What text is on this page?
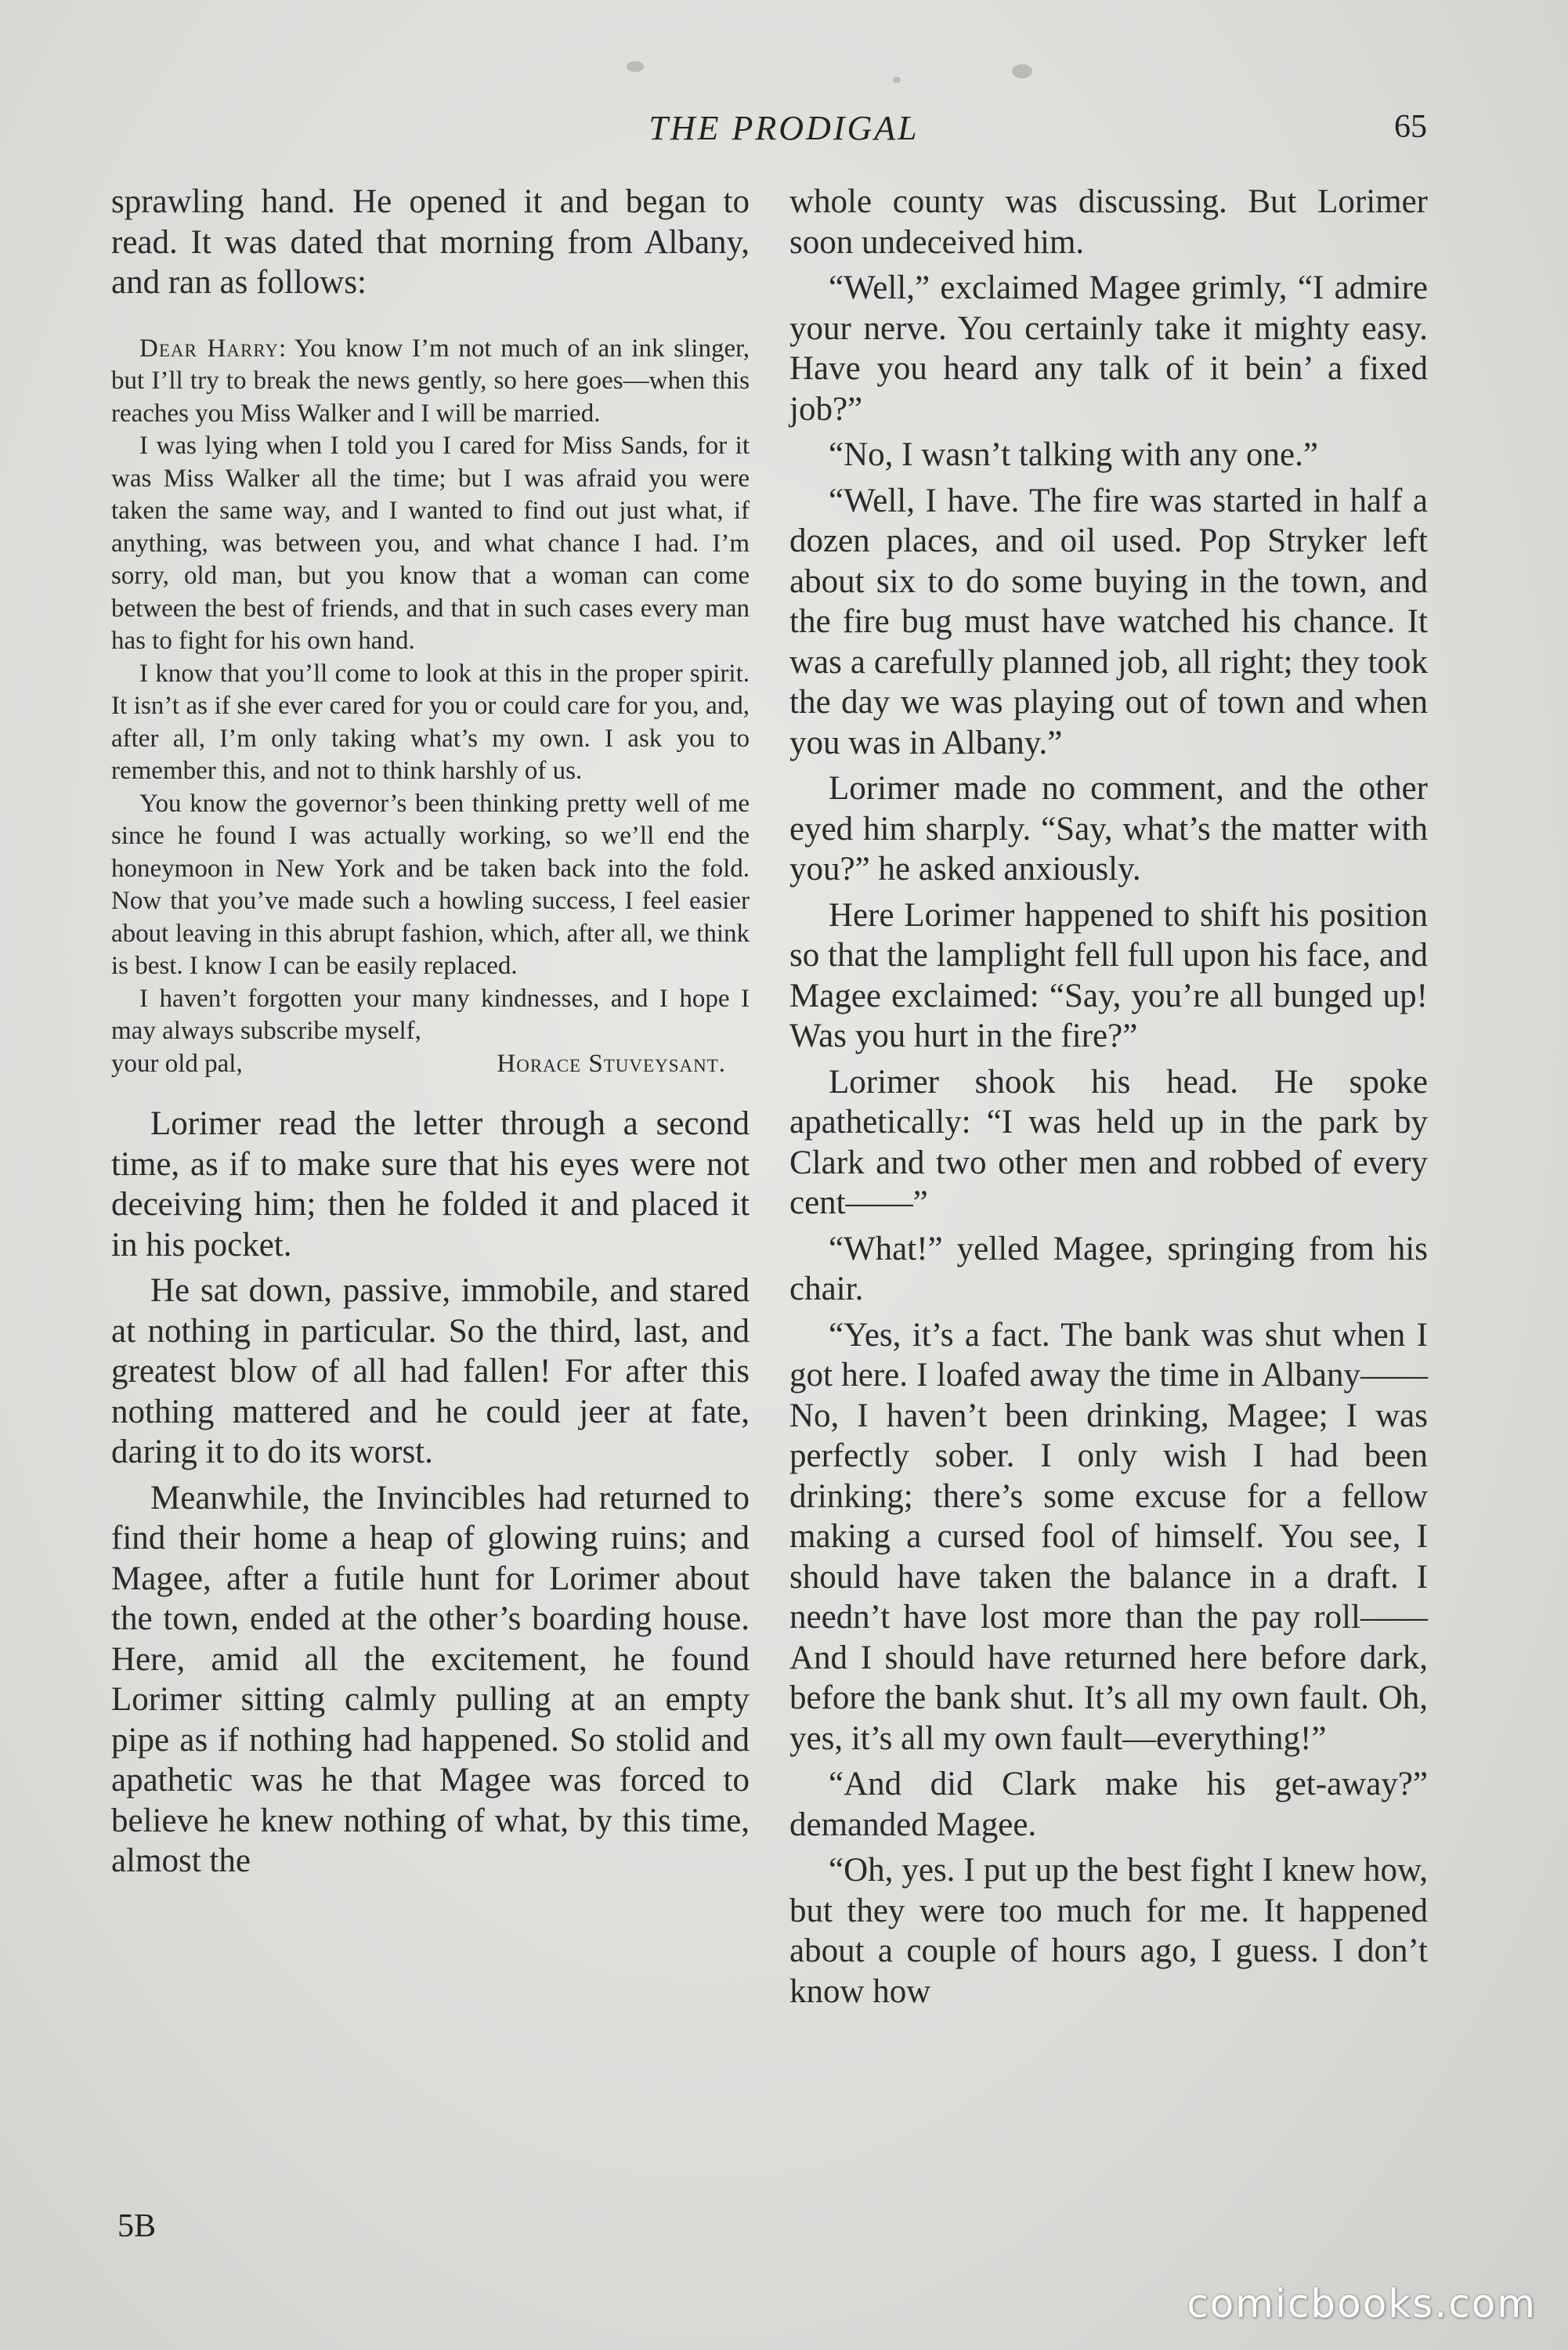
THE PRODIGAL	65

sprawling hand. He opened it and began to read. It was dated that morning from Albany, and ran as follows:

Dear Harry: You know I’m not much of an ink slinger, but I’ll try to break the news gently, so here goes—when this reaches you Miss Walker and I will be married.

I was lying when I told you I cared for Miss Sands, for it was Miss Walker all the time; but I was afraid you were taken the same way, and I wanted to find out just what, if anything, was between you, and what chance I had. I’m sorry, old man, but you know that a woman can come between the best of friends, and that in such cases every man has to fight for his own hand.

I know that you’ll come to look at this in the proper spirit. It isn’t as if she ever cared for you or could care for you, and, after all, I’m only taking what’s my own. I ask you to remember this, and not to think harshly of us.

You know the governor’s been thinking pretty well of me since he found I was actually working, so we’ll end the honeymoon in New York and be taken back into the fold. Now that you’ve made such a howling success, I feel easier about leaving in this abrupt fashion, which, after all, we think is best. I know I can be easily replaced.

I haven’t forgotten your many kindnesses, and I hope I may always subscribe myself,

your old pal,	Horace Stuveysant.

Lorimer read the letter through a second time, as if to make sure that his eyes were not deceiving him; then he folded it and placed it in his pocket.

He sat down, passive, immobile, and stared at nothing in particular. So the third, last, and greatest blow of all had fallen! For after this nothing mattered and he could jeer at fate, daring it to do its worst.

Meanwhile, the Invincibles had returned to find their home a heap of glowing ruins; and Magee, after a futile hunt for Lorimer about the town, ended at the other’s boarding house. Here, amid all the excitement, he found Lorimer sitting calmly pulling at an empty pipe as if nothing had happened. So stolid and apathetic was he that Magee was forced to believe he knew nothing of what, by this time, almost the

whole county was discussing. But Lorimer soon undeceived him.

“Well,” exclaimed Magee grimly, “I admire your nerve. You certainly take it mighty easy. Have you heard any talk of it bein’ a fixed job?”

“No, I wasn’t talking with any one.”

“Well, I have. The fire was started in half a dozen places, and oil used. Pop Stryker left about six to do some buying in the town, and the fire bug must have watched his chance. It was a carefully planned job, all right; they took the day we was playing out of town and when you was in Albany.”

Lorimer made no comment, and the other eyed him sharply. “Say, what’s the matter with you?” he asked anxiously.

Here Lorimer happened to shift his position so that the lamplight fell full upon his face, and Magee exclaimed: “Say, you’re all bunged up! Was you hurt in the fire?”

Lorimer shook his head. He spoke apathetically: “I was held up in the park by Clark and two other men and robbed of every cent——”

“What!” yelled Magee, springing from his chair.

“Yes, it’s a fact. The bank was shut when I got here. I loafed away the time in Albany—— No, I haven’t been drinking, Magee; I was perfectly sober. I only wish I had been drinking; there’s some excuse for a fellow making a cursed fool of himself. You see, I should have taken the balance in a draft. I needn’t have lost more than the pay roll—— And I should have returned here before dark, before the bank shut. It’s all my own fault. Oh, yes, it’s all my own fault—everything!”

“And did Clark make his get-away?” demanded Magee.

“Oh, yes. I put up the best fight I knew how, but they were too much for me. It happened about a couple of hours ago, I guess. I don’t know how

5B
comicbooks.com
